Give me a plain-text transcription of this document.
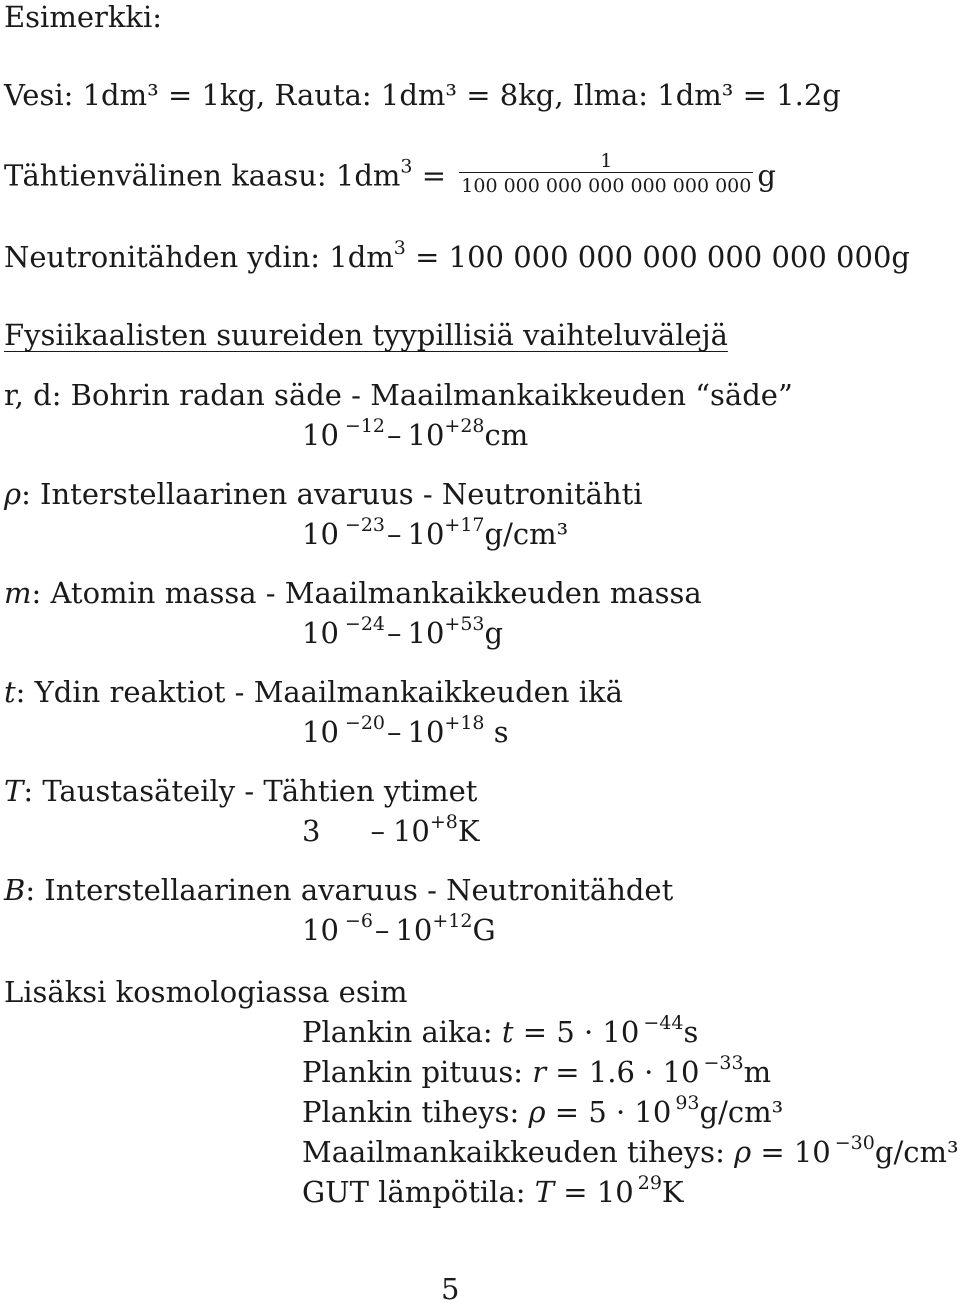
Esimerkki:
Vesi: 1dm³ = 1kg, Rauta: 1dm³ = 8kg, Ilma: 1dm³ = 1.2g
Tähtienvälinen kaasu: $1dm^3 = \frac{1}{100 000 000 000 000 000 000}$ g
Neutronitähden ydin: $1dm^3 = 100$ 000 000 000 000 000 000g
Fysiikaalisten suureiden tyypillisiä vaihteluvälejä
r, d: Bohrin radan säde - Maailmankaikkeuden “säde”
10 $^{-12}$– $10^{+28}cm$
ρ: Interstellaarinen avaruus - Neutronitähti
10 $^{-23}$– $10^{+17}g$/cm³
m: Atomin massa - Maailmankaikkeuden massa
10 $^{-24}$– $10^{+53}g$
t: Ydin reaktiot - Maailmankaikkeuden ikä
10 $^{-20}$– $10^{+18}$ s
T: Taustasäteily - Tähtien ytimet
$3 - 10^{+8}K$
B: Interstellaarinen avaruus - Neutronitähdet
10 $^{-6}$– $10^{+12}G$
Lisäksi kosmologiassa esim
Plankin aika: t = 5 · 10 $^{-44}$s
Plankin pituus: r = 1.6 · 10 $^{-33}$m
Plankin tiheys: ρ = 5 · 10 $^{93}$g/cm³
Maailmankaikkeuden tiheys: ρ = 10 $^{-30}$g/cm³
GUT lämpötila: T = 10 $^{29}$K
5
